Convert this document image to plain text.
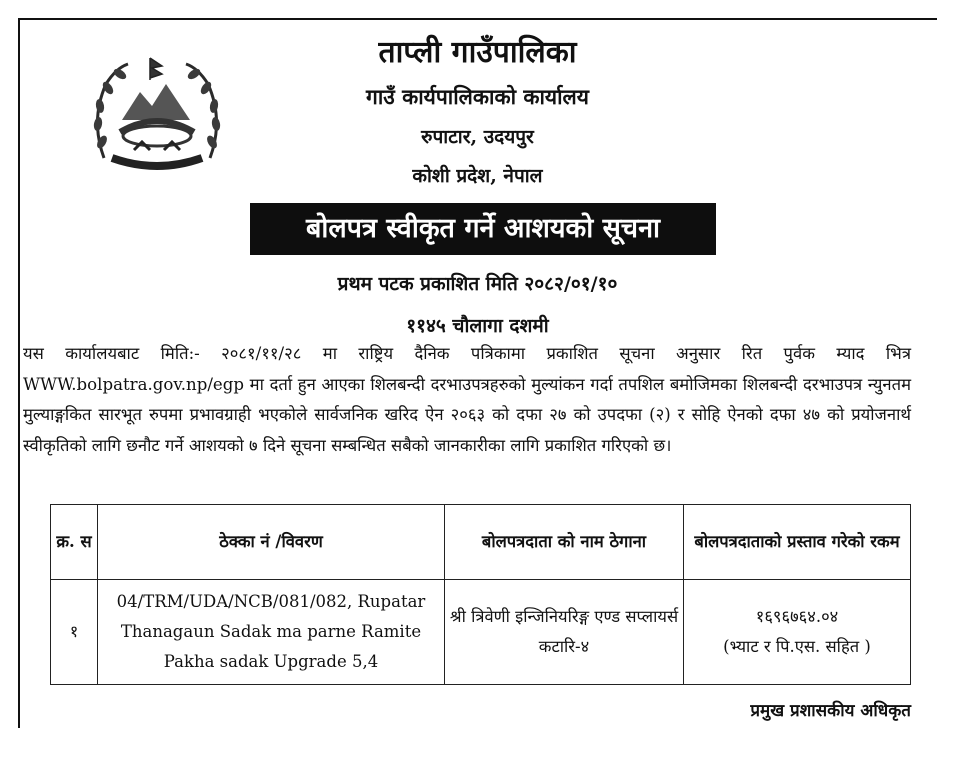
ताप्ली गाउँपालिका
गाउँ कार्यपालिकाको कार्यालय
रुपाटार, उदयपुर
कोशी प्रदेश, नेपाल
बोलपत्र स्वीकृत गर्ने आशयको सूचना
प्रथम पटक प्रकाशित मिति २०८२/०१/१०
११४५ चौलागा दशमी
यस कार्यालयबाट मिति:- २०८१/११/२८ मा राष्ट्रिय दैनिक पत्रिकामा प्रकाशित सूचना अनुसार रित पुर्वक म्याद भित्र WWW.bolpatra.gov.np/egp मा दर्ता हुन आएका शिलबन्दी दरभाउपत्रहरुको मुल्यांकन गर्दा तपशिल बमोजिमका शिलबन्दी दरभाउपत्र न्युनतम मुल्याङ्गकित सारभूत रुपमा प्रभावग्राही भएकोले सार्वजनिक खरिद ऐन २०६३ को दफा २७ को उपदफा (२) र सोहि ऐनको दफा ४७ को प्रयोजनार्थ स्वीकृतिको लागि छनौट गर्ने आशयको ७ दिने सूचना सम्बन्धित सबैको जानकारीका लागि प्रकाशित गरिएको छ।
क्र. स	ठेक्का नं /विवरण	बोलपत्रदाता को नाम ठेगाना	बोलपत्रदाताको प्रस्ताव गरेको रकम
१	04/TRM/UDA/NCB/081/082, Rupatar Thanagaun Sadak ma parne Ramite Pakha sadak Upgrade 5,4	श्री त्रिवेणी इन्जिनियरिङ्ग एण्ड सप्लायर्स कटारि-४	१६९६७६४.०४
(भ्याट र पि.एस. सहित )
प्रमुख प्रशासकीय अधिकृत
